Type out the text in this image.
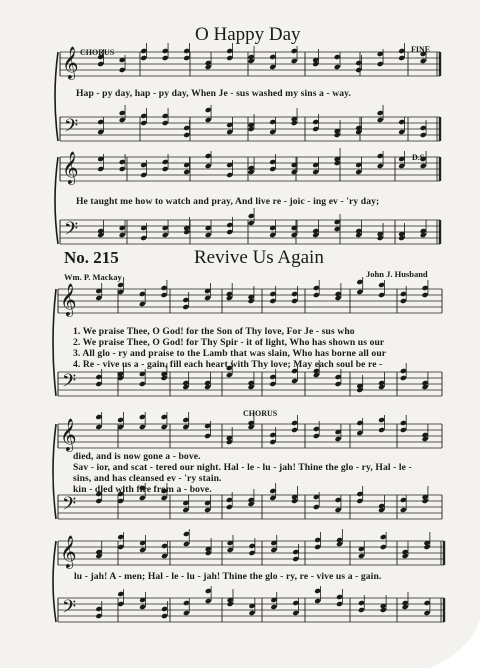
𝄞
𝄢
𝄞
𝄢
𝄞
𝄢
𝄞
𝄢
𝄞
𝄢
O Happy Day
CHORUS	FINE
Hap - py day, hap - py day, When Je - sus washed my sins a - way.
D.S.
He taught me how to watch and pray, And live re - joic - ing ev - 'ry day;
No. 215	Revive Us Again
Wm. P. Mackay	John J. Husband
1. We praise Thee, O God! for the Son of Thy love, For Je - sus who
2. We praise Thee, O God! for Thy Spir - it of light, Who has shown us our
3. All glo - ry and praise to the Lamb that was slain, Who has borne all our
4. Re - vive us a - gain, fill each heart with Thy love; May each soul be re -
CHORUS
died, and is now gone a - bove.
Sav - ior, and scat - tered our night. Hal - le - lu - jah! Thine the glo - ry, Hal - le -
sins, and has cleansed ev - 'ry stain.
kin - dled with fire from a - bove.
lu - jah! A - men; Hal - le - lu - jah! Thine the glo - ry, re - vive us a - gain.
